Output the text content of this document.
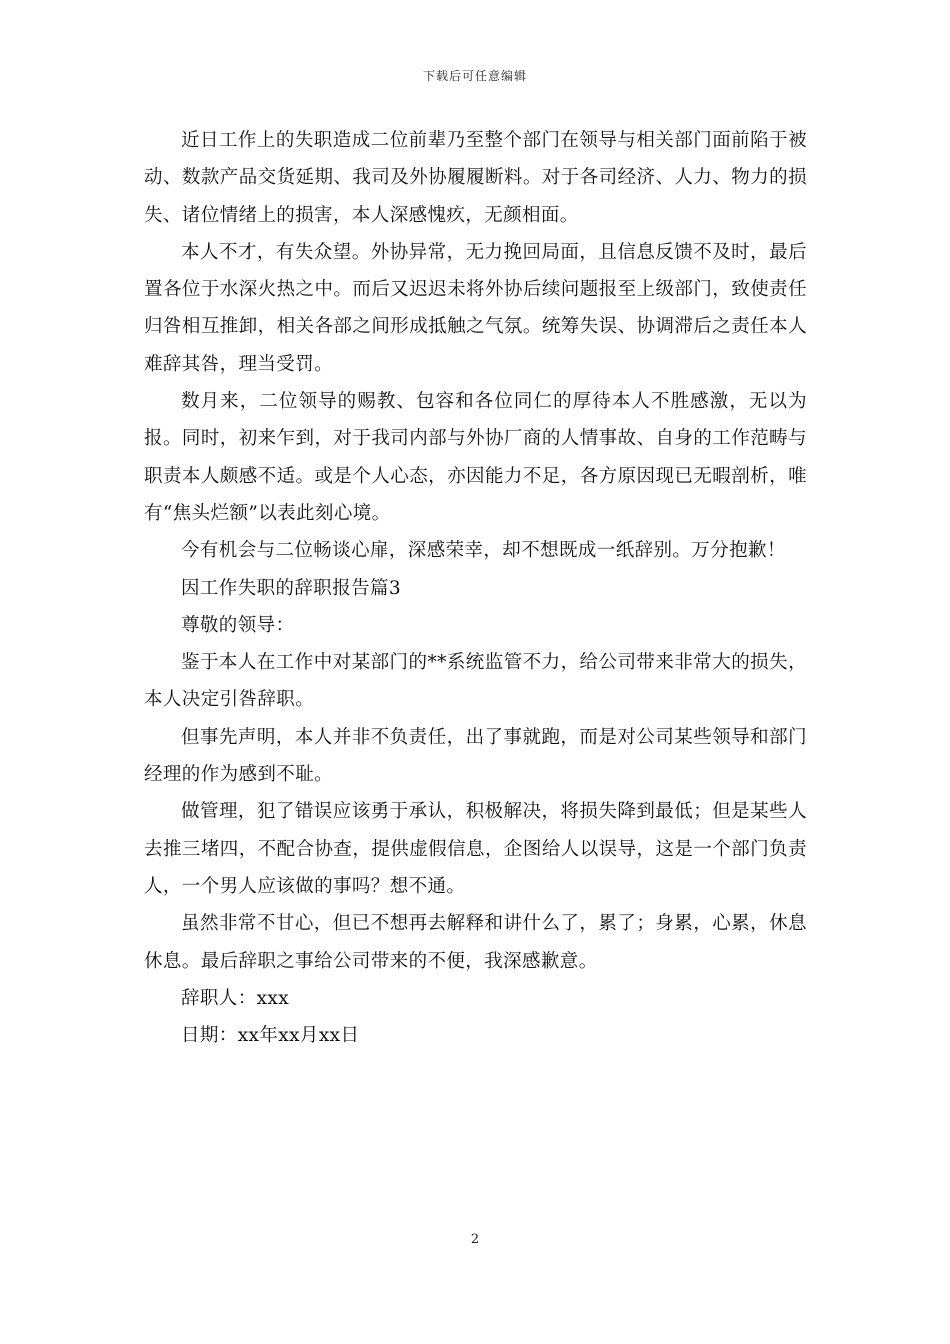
下载后可任意编辑

近日工作上的失职造成二位前辈乃至整个部门在领导与相关部门面前陷于被动、数款产品交货延期、我司及外协履履断料。对于各司经济、人力、物力的损失、诸位情绪上的损害，本人深感愧疚，无颜相面。

本人不才，有失众望。外协异常，无力挽回局面，且信息反馈不及时，最后置各位于水深火热之中。而后又迟迟未将外协后续问题报至上级部门，致使责任归咎相互推卸，相关各部之间形成抵触之气氛。统筹失误、协调滞后之责任本人难辞其咎，理当受罚。

数月来，二位领导的赐教、包容和各位同仁的厚待本人不胜感激，无以为报。同时，初来乍到，对于我司内部与外协厂商的人情事故、自身的工作范畴与职责本人颇感不适。或是个人心态，亦因能力不足，各方原因现已无暇剖析，唯有“焦头烂额”以表此刻心境。

今有机会与二位畅谈心扉，深感荣幸，却不想既成一纸辞别。万分抱歉！

因工作失职的辞职报告篇3

尊敬的领导：

鉴于本人在工作中对某部门的**系统监管不力，给公司带来非常大的损失，本人决定引咎辞职。

但事先声明，本人并非不负责任，出了事就跑，而是对公司某些领导和部门经理的作为感到不耻。

做管理，犯了错误应该勇于承认，积极解决，将损失降到最低；但是某些人去推三堵四，不配合协查，提供虚假信息，企图给人以误导，这是一个部门负责人，一个男人应该做的事吗？想不通。

虽然非常不甘心，但已不想再去解释和讲什么了，累了；身累，心累，休息休息。最后辞职之事给公司带来的不便，我深感歉意。

辞职人：xxx

日期：xx年xx月xx日

2
